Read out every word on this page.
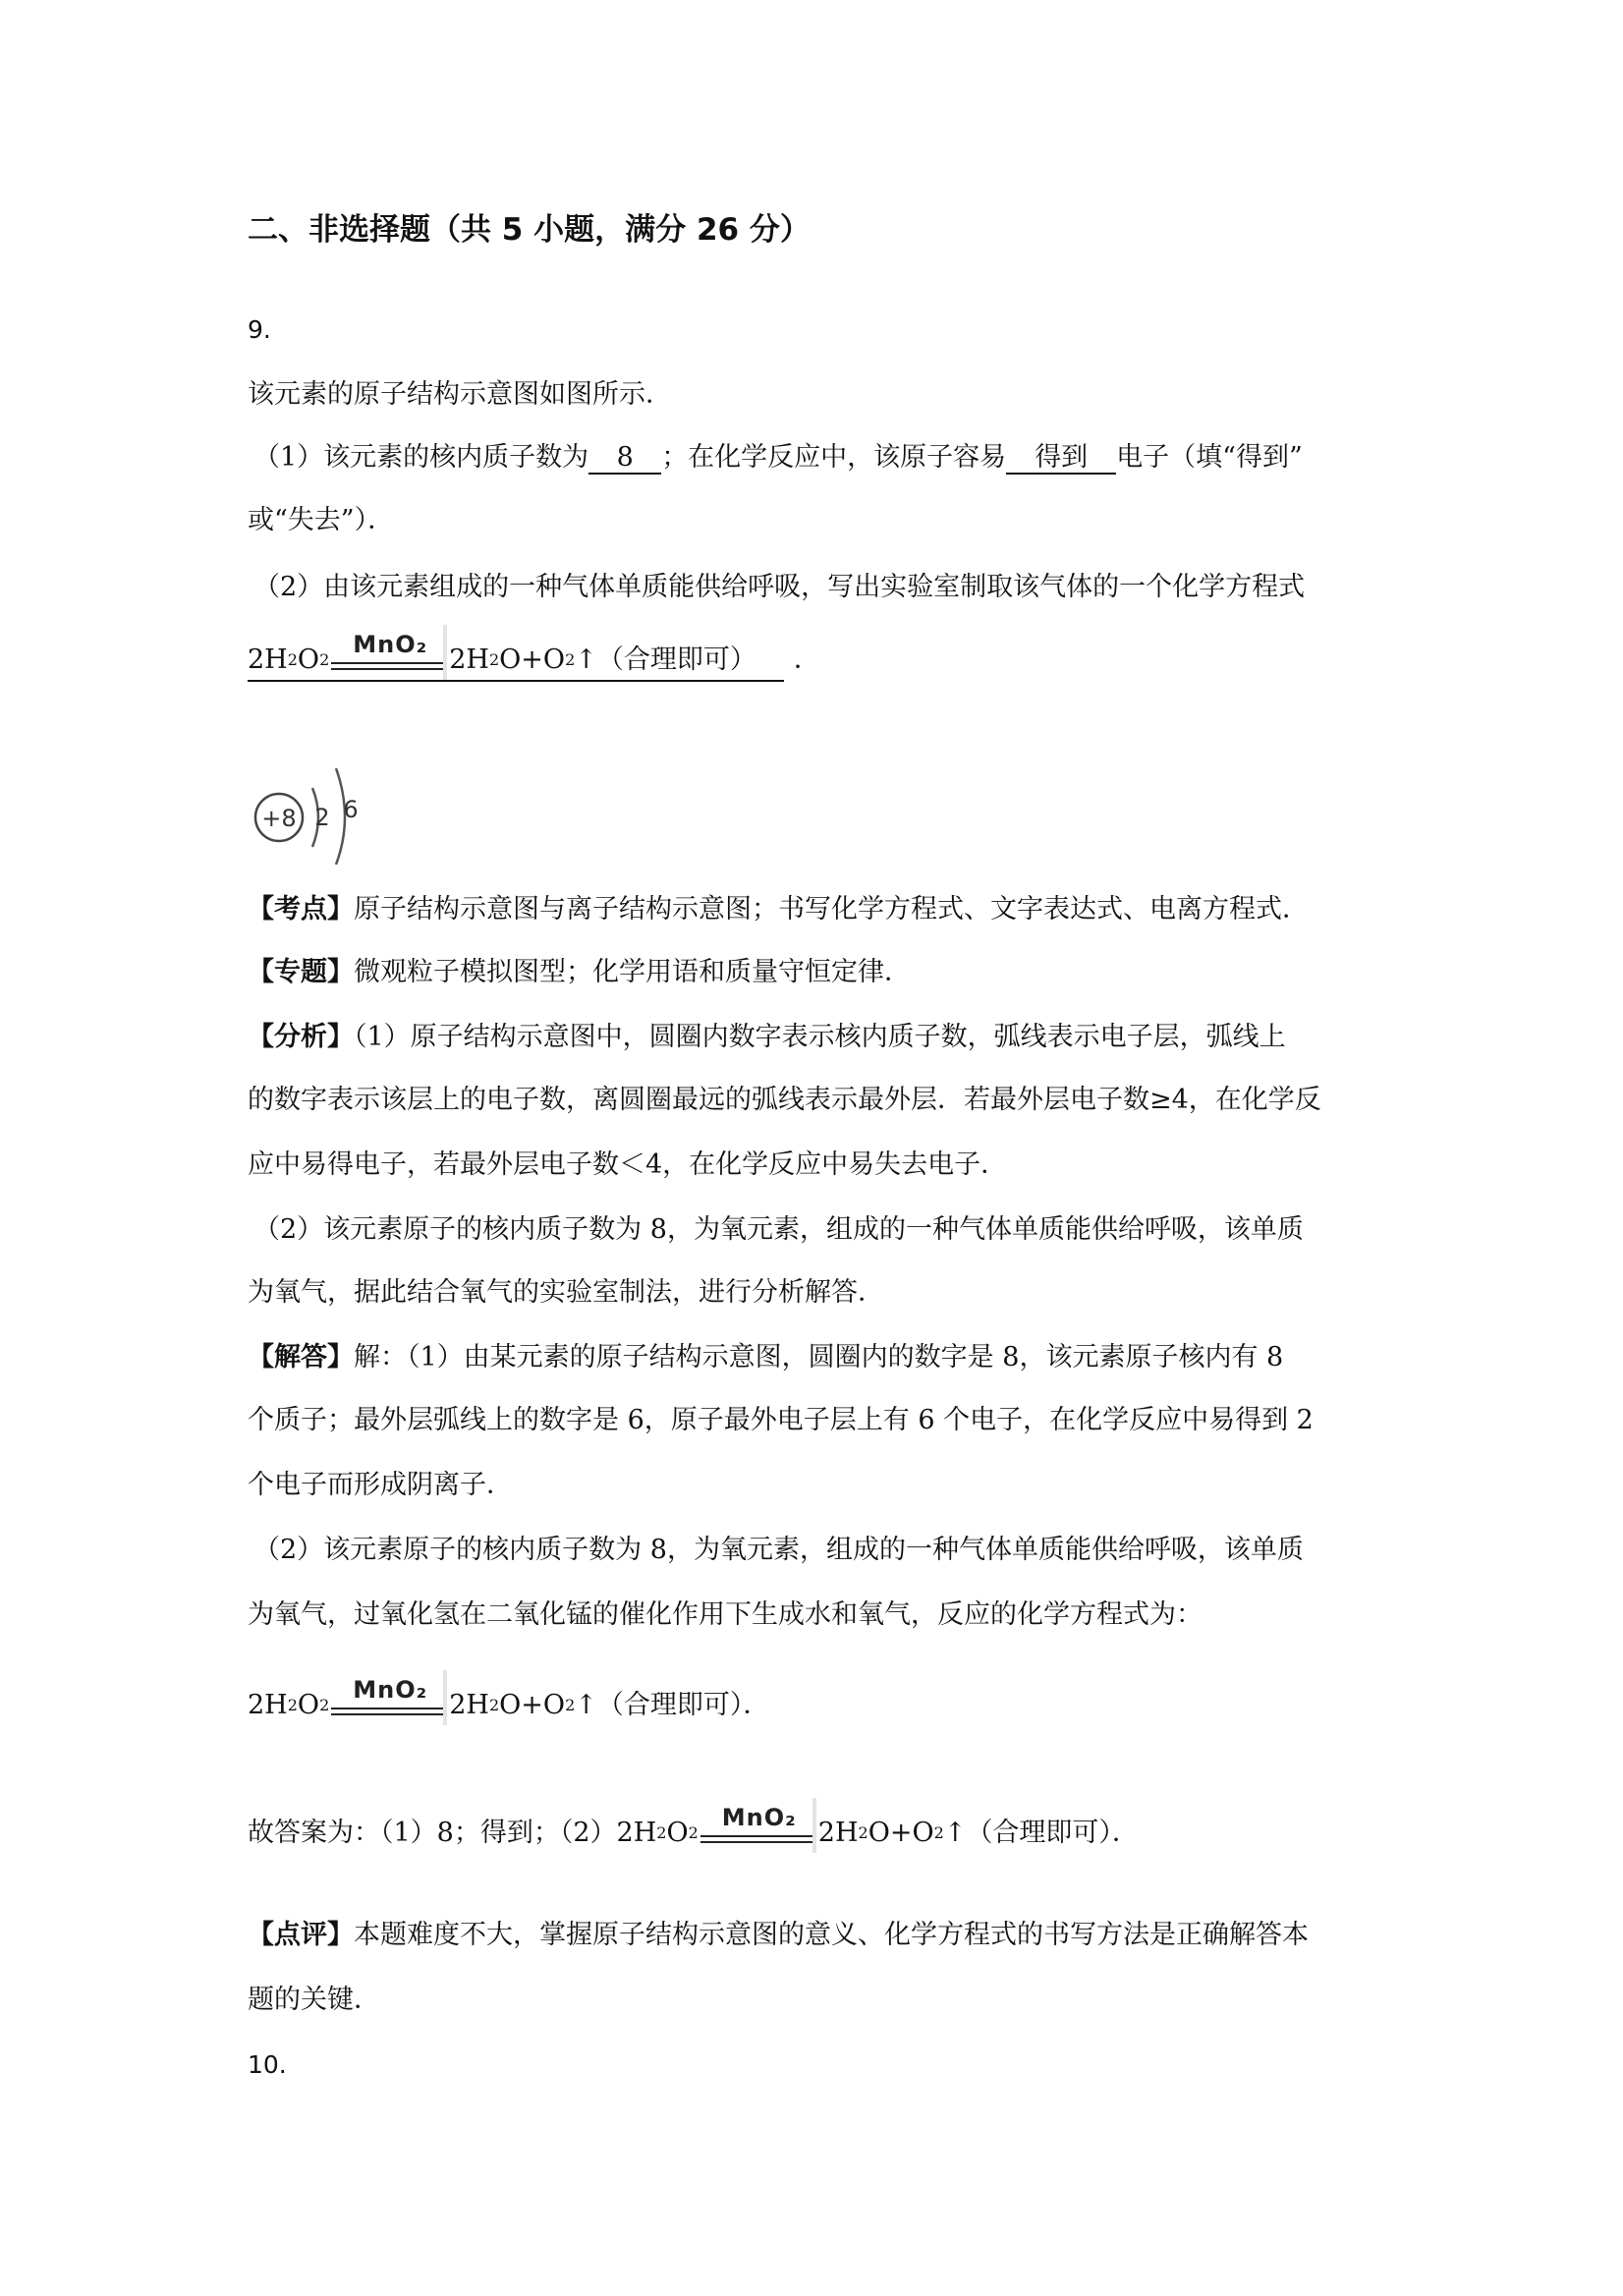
二、非选择题（共 5 小题，满分 26 分）
9.
该元素的原子结构示意图如图所示．
（1）该元素的核内质子数为 8 ；在化学反应中，该原子容易 得到 电子（填“得到”
或“失去”）．
（2）由该元素组成的一种气体单质能供给呼吸，写出实验室制取该气体的一个化学方程式
2H 2 O 2
MnO₂ 2H 2 O+O 2 ↑ （合理即可） ．
+8 2 6
【考点】原子结构示意图与离子结构示意图；书写化学方程式、文字表达式、电离方程式．
【专题】微观粒子模拟图型；化学用语和质量守恒定律．
【分析】（1）原子结构示意图中，圆圈内数字表示核内质子数，弧线表示电子层，弧线上
的数字表示该层上的电子数，离圆圈最远的弧线表示最外层．若最外层电子数≥4，在化学反
应中易得电子，若最外层电子数＜4，在化学反应中易失去电子．
（2）该元素原子的核内质子数为 8，为氧元素，组成的一种气体单质能供给呼吸，该单质
为氧气，据此结合氧气的实验室制法，进行分析解答．
【解答】解：（1）由某元素的原子结构示意图，圆圈内的数字是 8，该元素原子核内有 8
个质子；最外层弧线上的数字是 6，原子最外电子层上有 6 个电子，在化学反应中易得到 2
个电子而形成阴离子．
（2）该元素原子的核内质子数为 8，为氧元素，组成的一种气体单质能供给呼吸，该单质
为氧气，过氧化氢在二氧化锰的催化作用下生成水和氧气，反应的化学方程式为：
2H 2 O 2
MnO₂ 2H 2 O+O 2 ↑ （合理即可）．
故答案为：（1）8；得到；（2） 2H 2 O 2
MnO₂ 2H 2 O+O 2 ↑ （合理即可）．
【点评】本题难度不大，掌握原子结构示意图的意义、化学方程式的书写方法是正确解答本
题的关键．
10.
